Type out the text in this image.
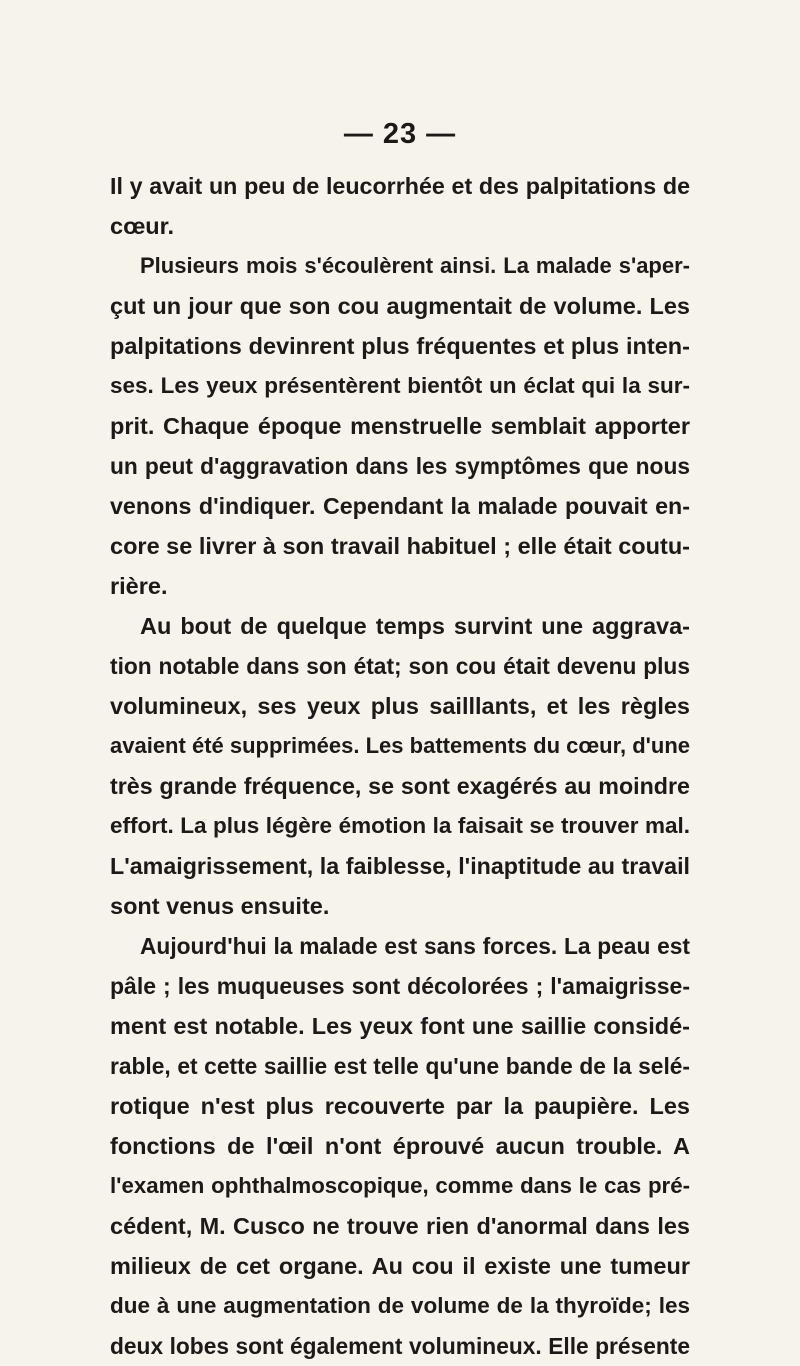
— 23 —

Il y avait un peu de leucorrhée et des palpitations de
cœur.
Plusieurs mois s'écoulèrent ainsi. La malade s'aper-
çut un jour que son cou augmentait de volume. Les
palpitations devinrent plus fréquentes et plus inten-
ses. Les yeux présentèrent bientôt un éclat qui la sur-
prit. Chaque époque menstruelle semblait apporter
un peut d'aggravation dans les symptômes que nous
venons d'indiquer. Cependant la malade pouvait en-
core se livrer à son travail habituel ; elle était coutu-
rière.
Au bout de quelque temps survint une aggrava-
tion notable dans son état; son cou était devenu plus
volumineux, ses yeux plus sailllants, et les règles
avaient été supprimées. Les battements du cœur, d'une
très grande fréquence, se sont exagérés au moindre
effort. La plus légère émotion la faisait se trouver mal.
L'amaigrissement, la faiblesse, l'inaptitude au travail
sont venus ensuite.
Aujourd'hui la malade est sans forces. La peau est
pâle ; les muqueuses sont décolorées ; l'amaigrisse-
ment est notable. Les yeux font une saillie considé-
rable, et cette saillie est telle qu'une bande de la selé-
rotique n'est plus recouverte par la paupière. Les
fonctions de l'œil n'ont éprouvé aucun trouble. A
l'examen ophthalmoscopique, comme dans le cas pré-
cédent, M. Cusco ne trouve rien d'anormal dans les
milieux de cet organe. Au cou il existe une tumeur
due à une augmentation de volume de la thyroïde; les
deux lobes sont également volumineux. Elle présente
